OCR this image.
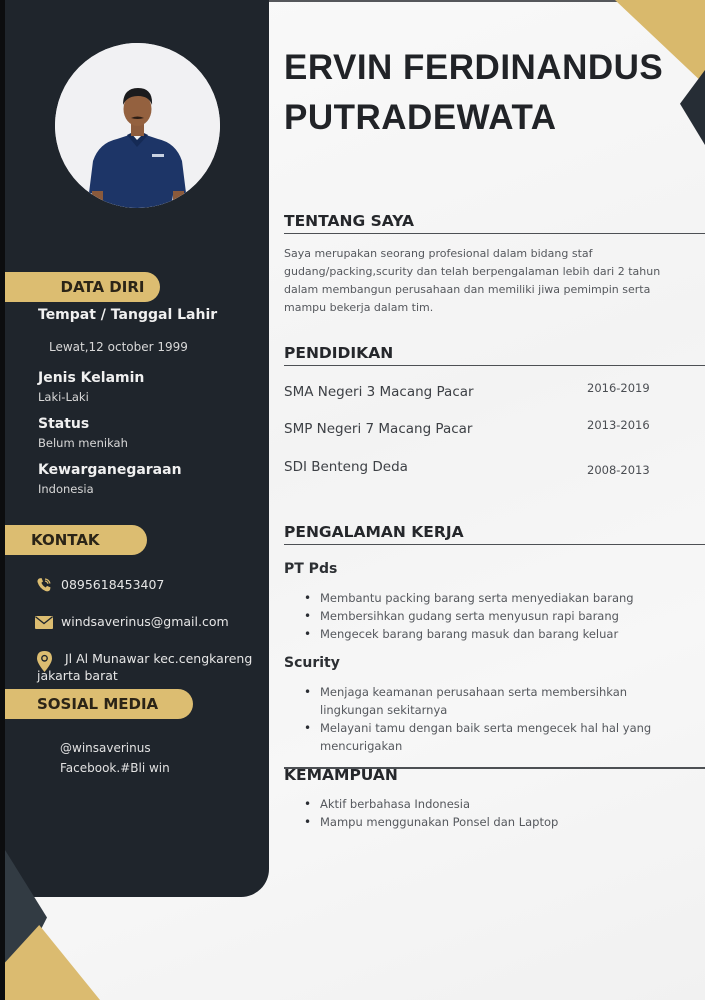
DATA DIRI
Tempat / Tanggal Lahir
Lewat,12 october 1999
Jenis Kelamin
Laki-Laki
Status
Belum menikah
Kewarganegaraan
Indonesia
KONTAK
0895618453407
windsaverinus@gmail.com
Jl Al Munawar kec.cengkareng
jakarta barat
SOSIAL MEDIA
@winsaverinus
Facebook.#Bli win
ERVIN FERDINANDUS
PUTRADEWATA
TENTANG SAYA

Saya merupakan seorang profesional dalam bidang staf gudang/packing,scurity dan telah berpengalaman lebih dari 2 tahun dalam membangun perusahaan dan memiliki jiwa pemimpin serta mampu bekerja dalam tim.

PENDIDIKAN
SMA Negeri 3 Macang Pacar	2016-2019
SMP Negeri 7 Macang Pacar	2013-2016
SDI Benteng Deda	2008-2013
PENGALAMAN KERJA
PT Pds
• Membantu packing barang serta menyediakan barang
• Membersihkan gudang serta menyusun rapi barang
• Mengecek barang barang masuk dan barang keluar
Scurity
• Menjaga keamanan perusahaan serta membersihkan lingkungan sekitarnya
• Melayani tamu dengan baik serta mengecek hal hal yang mencurigakan
KEMAMPUAN
• Aktif berbahasa Indonesia
• Mampu menggunakan Ponsel dan Laptop
